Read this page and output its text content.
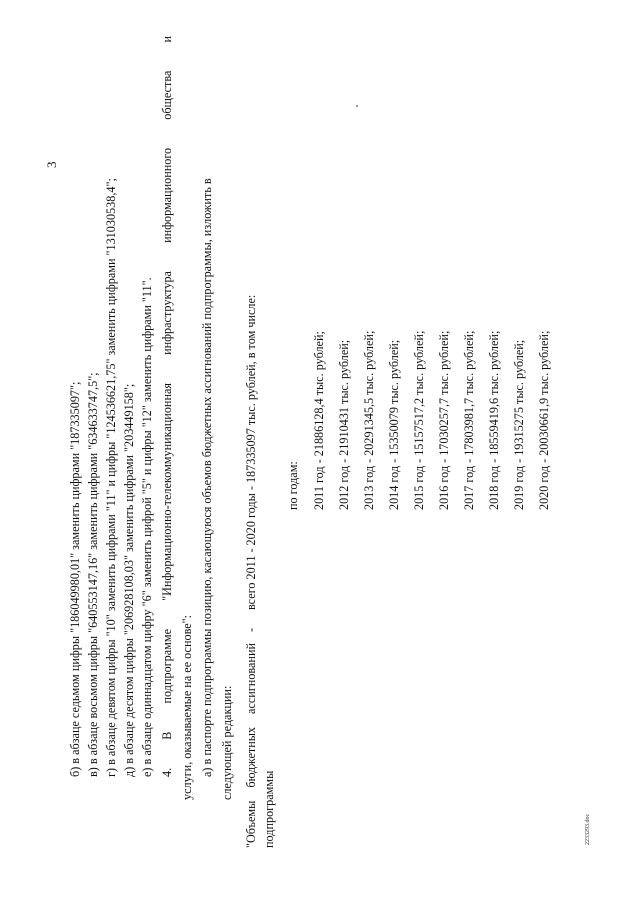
3
б) в абзаце седьмом цифры "186049980,01" заменить цифрами "187335097"; в) в абзаце восьмом цифры "640553147,16" заменить цифрами "634633747,5"; г) в абзаце девятом цифры "10" заменить цифрами "11" и цифры "124536621,75" заменить цифрами "131030538,4"; д) в абзаце десятом цифры "206928108,03" заменить цифрами "203449158"; е) в абзаце одиннадцатом цифру "6" заменить цифрой "5" и цифры "12" заменить цифрами "11". 4. В подпрограмме "Информационно-телекоммуникационная инфраструктура информационного общества и услуги, оказываемые на ее основе": а) в паспорте подпрограммы позицию, касающуюся объемов бюджетных ассигнований подпрограммы, изложить в следующей редакции: "Объемы бюджетных ассигнований подпрограммы
-
всего 2011 - 2020 годы - 187335097 тыс. рублей, в том числе: по годам: 2011 год - 21886128,4 тыс. рублей; 2012 год - 21910431 тыс. рублей; 2013 год - 20291345,5 тыс. рублей; 2014 год - 15350079 тыс. рублей; 2015 год - 15157517,2 тыс. рублей; 2016 год - 17030257,7 тыс. рублей; 2017 год - 17803981,7 тыс. рублей; 2018 год - 18559419,6 тыс. рублей; 2019 год - 19315275 тыс. рублей; 2020 год - 20030661,9 тыс. рублей;
2233293.doc
